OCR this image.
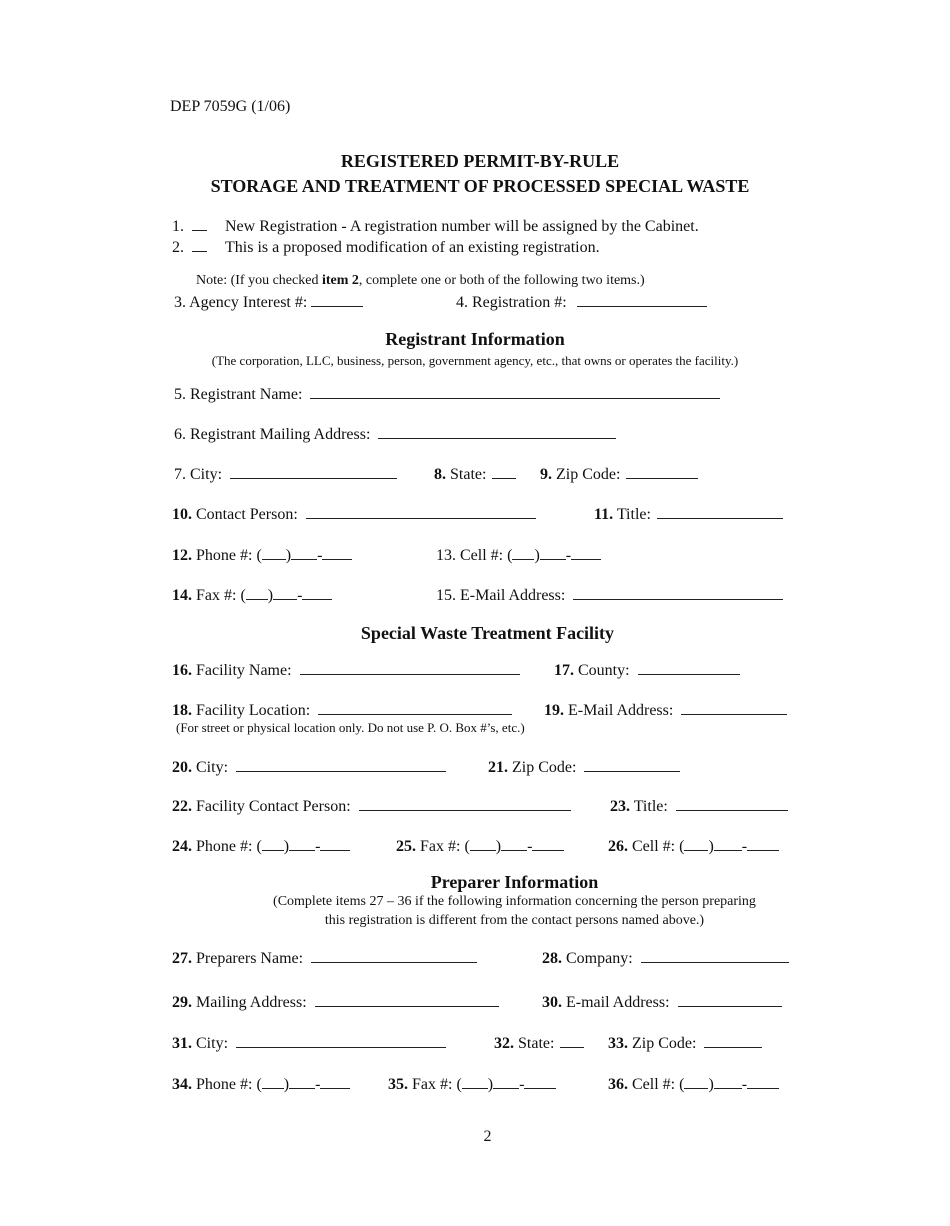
DEP 7059G (1/06)
REGISTERED PERMIT-BY-RULE
STORAGE AND TREATMENT OF PROCESSED SPECIAL WASTE
1.	New Registration - A registration number will be assigned by the Cabinet.
2.	This is a proposed modification of an existing registration.
Note: (If you checked item 2, complete one or both of the following two items.)
3. Agency Interest #:	4. Registration #:
Registrant Information
(The corporation, LLC, business, person, government agency, etc., that owns or operates the facility.)
5. Registrant Name:
6. Registrant Mailing Address:
7. City:	8. State:	9. Zip Code:
10. Contact Person:	11. Title:
12. Phone #: ( ) -	13. Cell #: ( ) -
14. Fax #: ( ) -	15. E-Mail Address:
Special Waste Treatment Facility
16. Facility Name:	17. County:
18. Facility Location:	19. E-Mail Address:
(For street or physical location only. Do not use P. O. Box #’s, etc.)
20. City:	21. Zip Code:
22. Facility Contact Person:	23. Title:
24. Phone #: ( ) -	25. Fax #: ( ) -	26. Cell #: ( ) -
Preparer Information
(Complete items 27 – 36 if the following information concerning the person preparing
this registration is different from the contact persons named above.)
27. Preparers Name:	28. Company:
29. Mailing Address:	30. E-mail Address:
31. City:	32. State:	33. Zip Code:
34. Phone #: ( ) -	35. Fax #: ( ) -	36. Cell #: ( ) -
2
